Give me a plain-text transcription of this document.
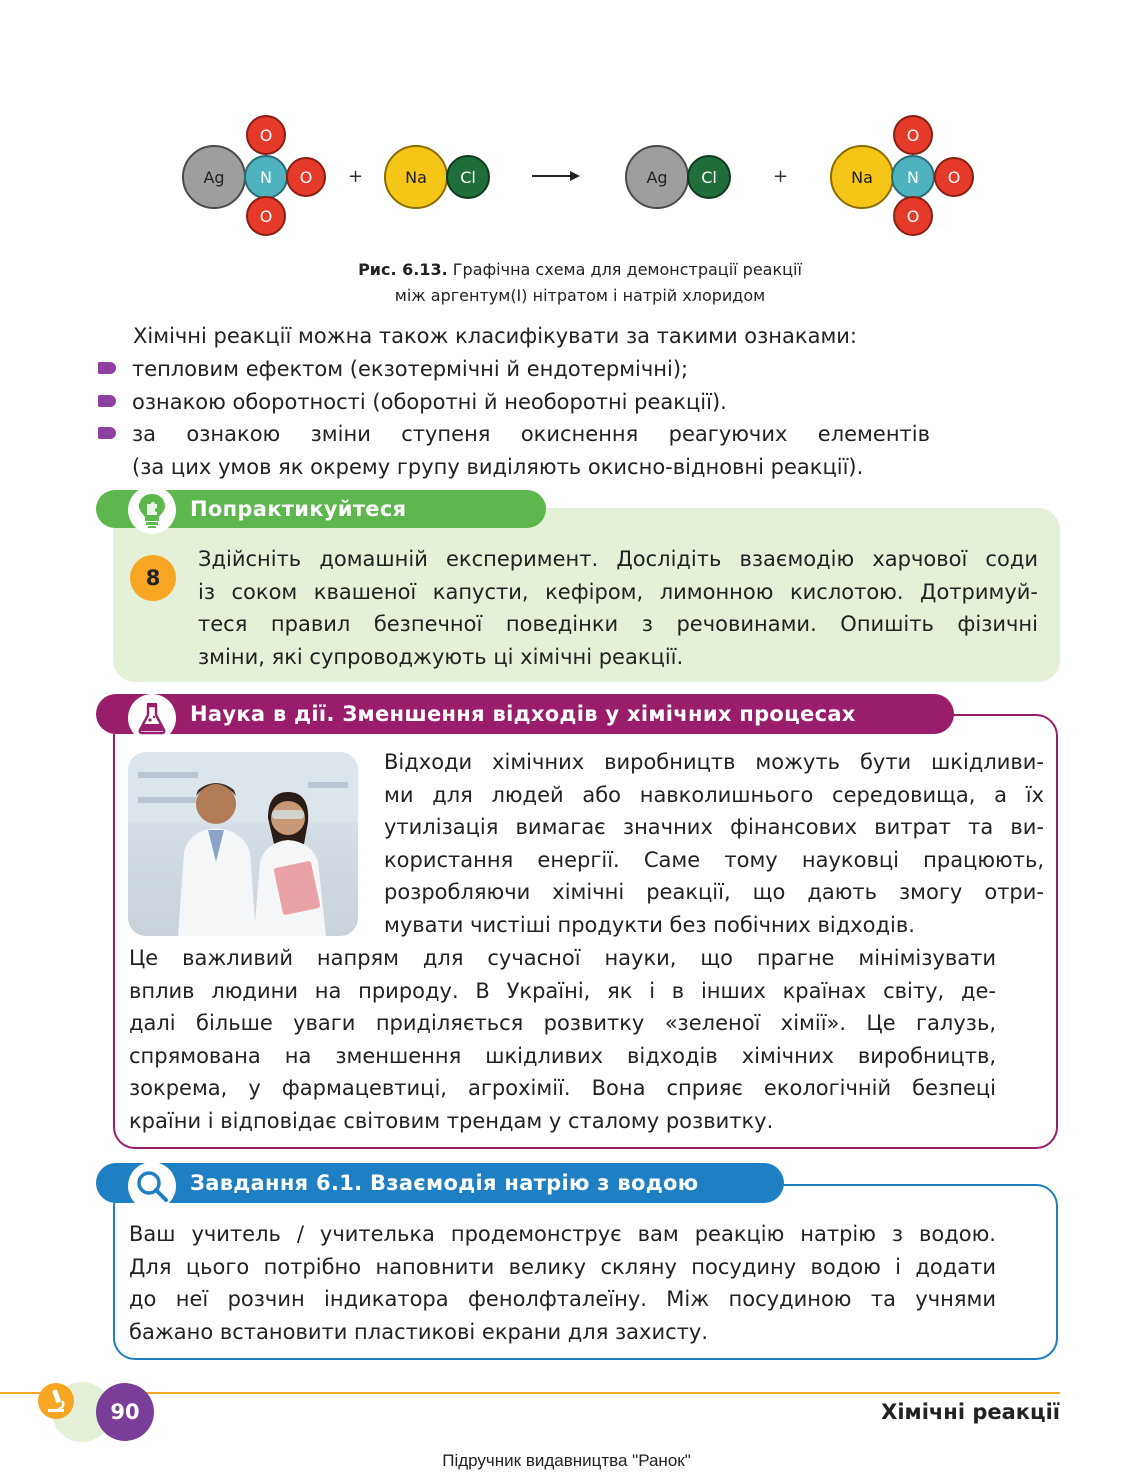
Ag	N
O
O
O
+	Na	Cl	Ag	Cl	+	Na	N
O
O
O
Рис. 6.13. Графічна схема для демонстрації реакції
між аргентум(І) нітратом і натрій хлоридом
Хімічні реакції можна також класифікувати за такими ознаками:
тепловим ефектом (екзотермічні й ендотермічні);
ознакою оборотності (оборотні й необоротні реакції).
за ознакою зміни ступеня окиснення реагуючих елементів
(за цих умов як окрему групу виділяють окисно-відновні реакції).
Попрактикуйтеся
8
Здійсніть домашній експеримент. Дослідіть взаємодію харчової соди
із соком квашеної капусти, кефіром, лимонною кислотою. Дотримуй-
теся правил безпечної поведінки з речовинами. Опишіть фізичні
зміни, які супроводжують ці хімічні реакції.
Наука в дії. Зменшення відходів у хімічних процесах
Відходи хімічних виробництв можуть бути шкідливи-
ми для людей або навколишнього середовища, а їх
утилізація вимагає значних фінансових витрат та ви-
користання енергії. Саме тому науковці працюють,
розробляючи хімічні реакції, що дають змогу отри-
мувати чистіші продукти без побічних відходів.
Це важливий напрям для сучасної науки, що прагне мінімізувати
вплив людини на природу. В Україні, як і в інших країнах світу, де-
далі більше уваги приділяється розвитку «зеленої хімії». Це галузь,
спрямована на зменшення шкідливих відходів хімічних виробництв,
зокрема, у фармацевтиці, агрохімії. Вона сприяє екологічній безпеці
країни і відповідає світовим трендам у сталому розвитку.
Завдання 6.1. Взаємодія натрію з водою
Ваш учитель / учителька продемонструє вам реакцію натрію з водою.
Для цього потрібно наповнити велику скляну посудину водою і додати
до неї розчин індикатора фенолфталеїну. Між посудиною та учнями
бажано встановити пластикові екрани для захисту.
90	Хімічні реакції
Підручник видавництва "Ранок"
